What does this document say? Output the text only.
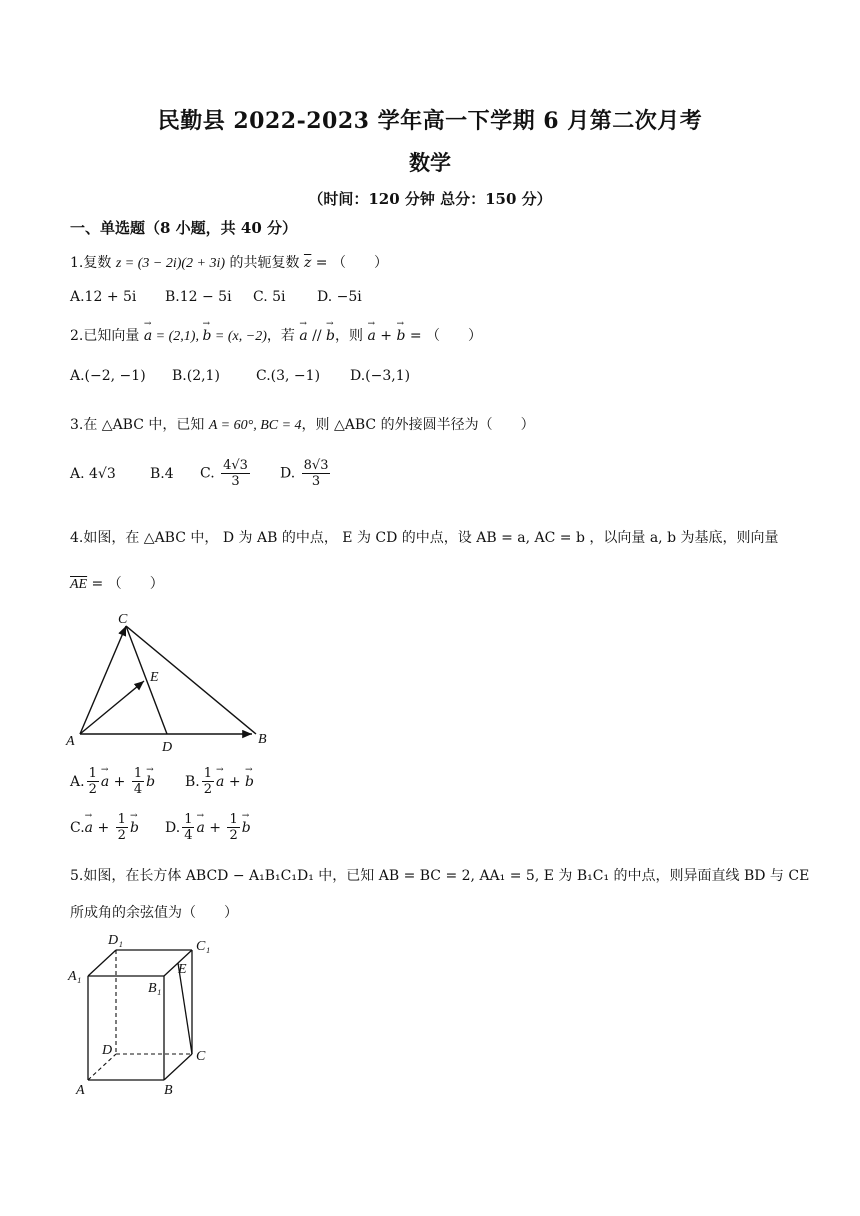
民勤县 2022-2023 学年高一下学期 6 月第二次月考
数学
（时间：120 分钟 总分：150 分）
一、单选题（8 小题，共 40 分）
1.复数 z = (3 − 2i)(2 + 3i) 的共轭复数 $\overline{z}$ = （　　）
A.12 + 5i B.12 − 5i C. 5i D. −5i
2.已知向量 → a = (2,1), → b = (x, −2)，若 → a // → b，则 → a + → b = （　　）
A.(−2, −1) B.(2,1)	C.(3, −1) D.(−3,1)
3.在 △ABC 中，已知 A = 60°, BC = 4，则 △ABC 的外接圆半径为（　　）
A. 4√3	B.4	C. $\frac{4√3}{3} D$. $\frac{8√3}{3}$
4.如图，在 △ABC 中， D 为 AB 的中点， E 为 CD 的中点，设 AB = a, AC = b ，以向量 a, b 为基底，则向量
$\overline{AE}$ = （　　）
C
E
A	D
B
A. $\frac{1}{2} \to a + \frac{1}{4} \to b$ B. $\frac{1}{2} \to a$ + → b
C. → $a + \frac{1}{2} \to b$ D. $\frac{1}{4} \to a + \frac{1}{2} \to b$
5.如图，在长方体 ABCD − A₁B₁C₁D₁ 中，已知 AB = BC = 2, AA₁ = 5, E 为 B₁C₁ 的中点，则异面直线 BD 与 CE
所成角的余弦值为（　　）
D₁	C₁
A₁	E
B₁
D	C
A	B
